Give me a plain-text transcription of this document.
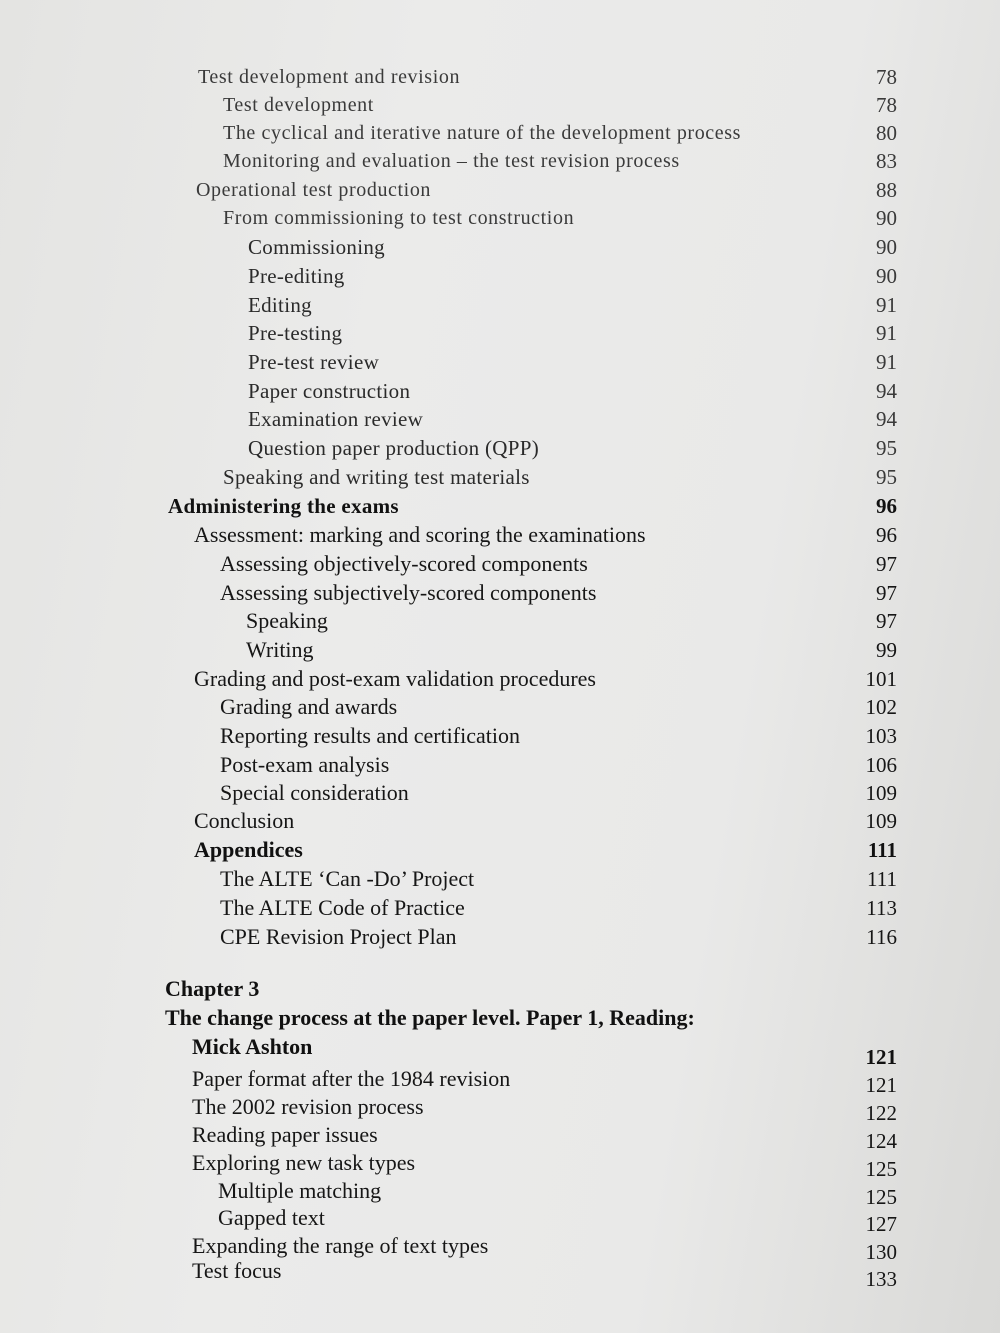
Test development and revision	78
Test development	78
The cyclical and iterative nature of the development process	80
Monitoring and evaluation – the test revision process	83
Operational test production	88
From commissioning to test construction	90
Commissioning	90
Pre-editing	90
Editing	91
Pre-testing	91
Pre-test review	91
Paper construction	94
Examination review	94
Question paper production (QPP)	95
Speaking and writing test materials	95
Administering the exams	96
Assessment: marking and scoring the examinations	96
Assessing objectively-scored components	97
Assessing subjectively-scored components	97
Speaking	97
Writing	99
Grading and post-exam validation procedures	101
Grading and awards	102
Reporting results and certification	103
Post-exam analysis	106
Special consideration	109
Conclusion	109
Appendices	111
The ALTE ‘Can -Do’ Project	111
The ALTE Code of Practice	113
CPE Revision Project Plan	116
Chapter 3
The change process at the paper level. Paper 1, Reading:
Mick Ashton	121
Paper format after the 1984 revision	121
The 2002 revision process	122
Reading paper issues	124
Exploring new task types	125
Multiple matching	125
Gapped text	127
Expanding the range of text types	130
Test focus	133
